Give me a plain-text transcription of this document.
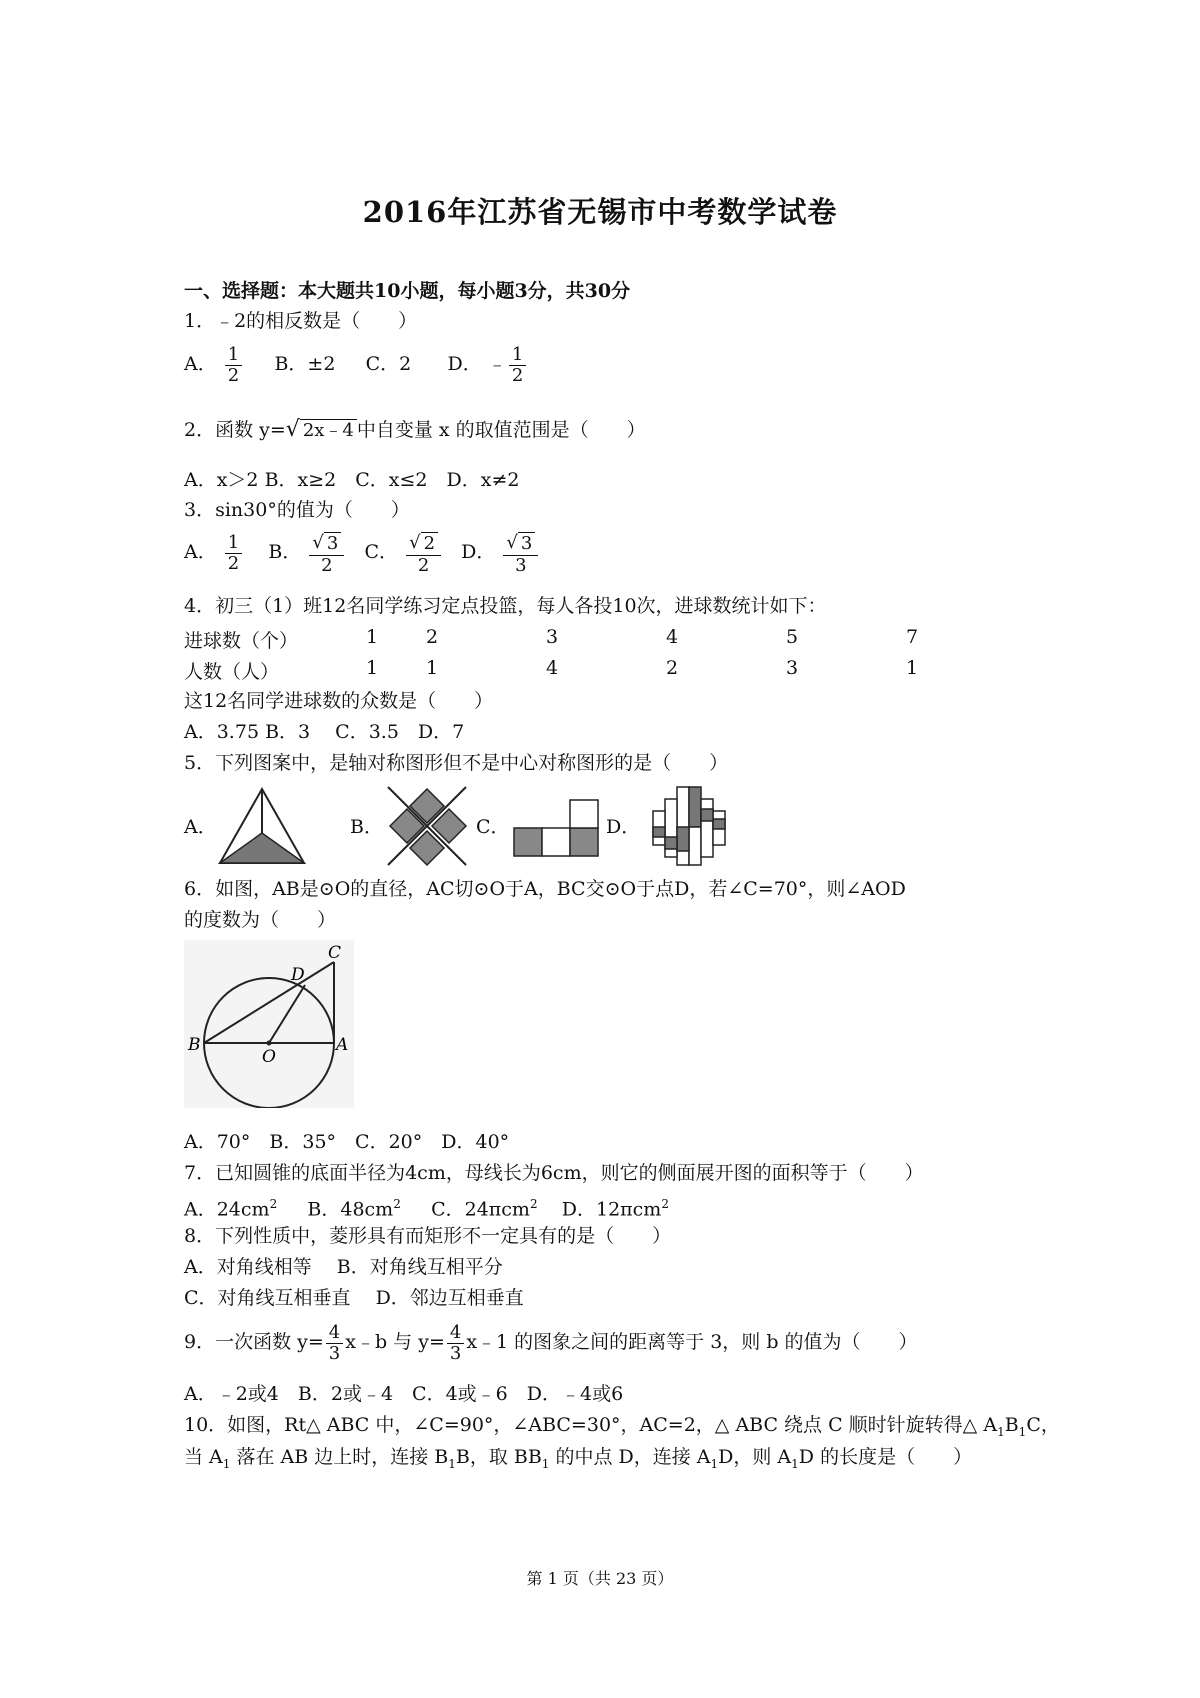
2016年江苏省无锡市中考数学试卷
一、选择题：本大题共10小题，每小题3分，共30分
1．﹣2的相反数是（　　）
A． $\frac{1}{2}$ B．±2 C．2 D． ﹣ $\frac{1}{2}$
2．函数 y= √ 2x﹣4 中自变量 x 的取值范围是（　　）
A．x＞2 B．x≥2　C．x≤2　D．x≠2
3．sin30°的值为（　　）
A． $\frac{1}{2}$ B． $\frac{√ 3}{2}$ C． $\frac{√ 2}{2}$ D． $\frac{√ 3}{3}$
4．初三（1）班12名同学练习定点投篮，每人各投10次，进球数统计如下：
进球数（个）	1	2	3	4	5	7
人数（人）	1	1	4	2	3	1
这12名同学进球数的众数是（　　）
A．3.75 B．3　 C．3.5　D．7
5．下列图案中，是轴对称图形但不是中心对称图形的是（　　）
A．	B．	C．	D．
6．如图，AB是⊙O的直径，AC切⊙O于A，BC交⊙O于点D，若∠C=70°，则∠AOD
的度数为（　　）
B	A
O
D
C
A．70°　B．35°　C．20°　D．40°
7．已知圆锥的底面半径为4cm，母线长为6cm，则它的侧面展开图的面积等于（　　）
A．$24cm^2$ B．$48cm^2$ C．24πcm$^2$ D．12πcm$^2$
8．下列性质中，菱形具有而矩形不一定具有的是（　　）
A．对角线相等　 B．对角线互相平分
C．对角线互相垂直　 D．邻边互相垂直
9．一次函数 $y= \frac{4}{3}$ x﹣b 与 $y= \frac{4}{3}$ x﹣1 的图象之间的距离等于 3，则 b 的值为（　　）
A．﹣2或4　B．2或﹣4　C．4或﹣6　D．﹣4或6
10．如图，Rt△ ABC 中，∠C=90°，∠ABC=30°，AC=2，△ ABC 绕点 C 顺时针旋转得△ $A_1B_1C$，
当 $A_1$ 落在 AB 边上时，连接 $B_1B$，取 $BB_1$ 的中点 D，连接 $A_1D$，则 $A_1D$ 的长度是（　　）
第 1 页（共 23 页）
